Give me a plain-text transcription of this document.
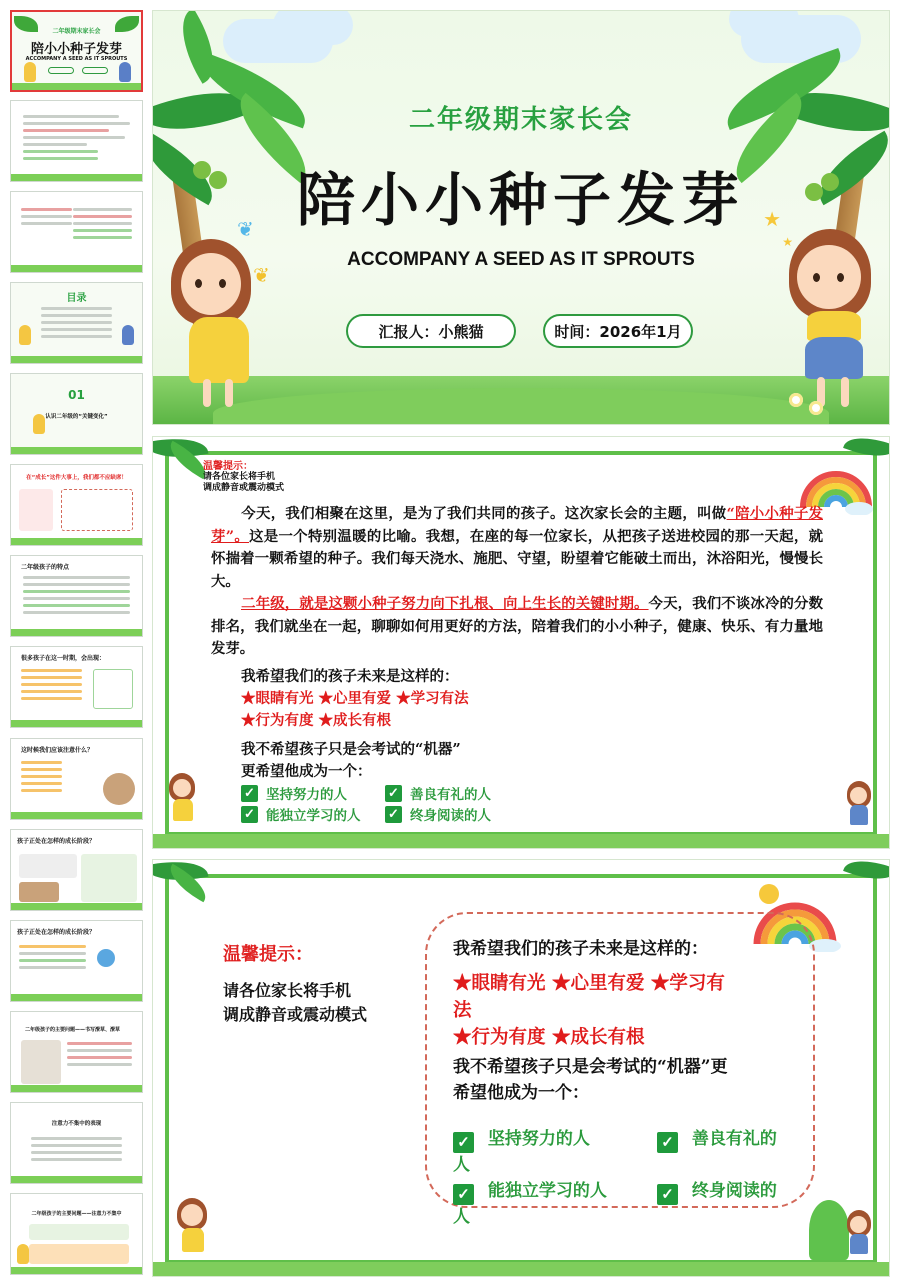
二年级期末家长会
陪小小种子发芽
ACCOMPANY A SEED AS IT SPROUTS
目录
01
认识二年级的“关键变化”
在“成长”这件大事上，我们都不应缺席！
二年级孩子的特点
很多孩子在这一时期，会出现：
这时候我们应该注意什么？
孩子正处在怎样的成长阶段？
孩子正处在怎样的成长阶段？
二年级孩子的主要问题——书写潦草、潦草
注意力不集中的表现
二年级孩子的主要问题——注意力不集中
❦
❦
★
★
二年级期末家长会
陪小小种子发芽
ACCOMPANY A SEED AS IT SPROUTS
汇报人：小熊猫	时间：2026年1月
温馨提示：
请各位家长将手机
调成静音或震动模式
今天，我们相聚在这里，是为了我们共同的孩子。这次家长会的主题，叫做“陪小小种子发芽”。这是一个特别温暖的比喻。我想，在座的每一位家长，从把孩子送进校园的那一天起，就怀揣着一颗希望的种子。我们每天浇水、施肥、守望，盼望着它能破土而出，沐浴阳光，慢慢长大。
二年级，就是这颗小种子努力向下扎根、向上生长的关键时期。今天，我们不谈冰冷的分数排名，我们就坐在一起，聊聊如何用更好的方法，陪着我们的小小种子，健康、快乐、有力量地发芽。
我希望我们的孩子未来是这样的：
★眼睛有光 ★心里有爱 ★学习有法
★行为有度 ★成长有根
我不希望孩子只是会考试的“机器”
更希望他成为一个：
✓ 坚持努力的人	✓ 善良有礼的人
✓ 能独立学习的人 ✓ 终身阅读的人
温馨提示：
请各位家长将手机
调成静音或震动模式
我希望我们的孩子未来是这样的：
★眼睛有光 ★心里有爱 ★学习有
法
★行为有度 ★成长有根
我不希望孩子只是会考试的“机器”更
希望他成为一个：
✓ 坚持努力的人	✓ 善良有礼的
人
✓ 能独立学习的人	✓ 终身阅读的
人
